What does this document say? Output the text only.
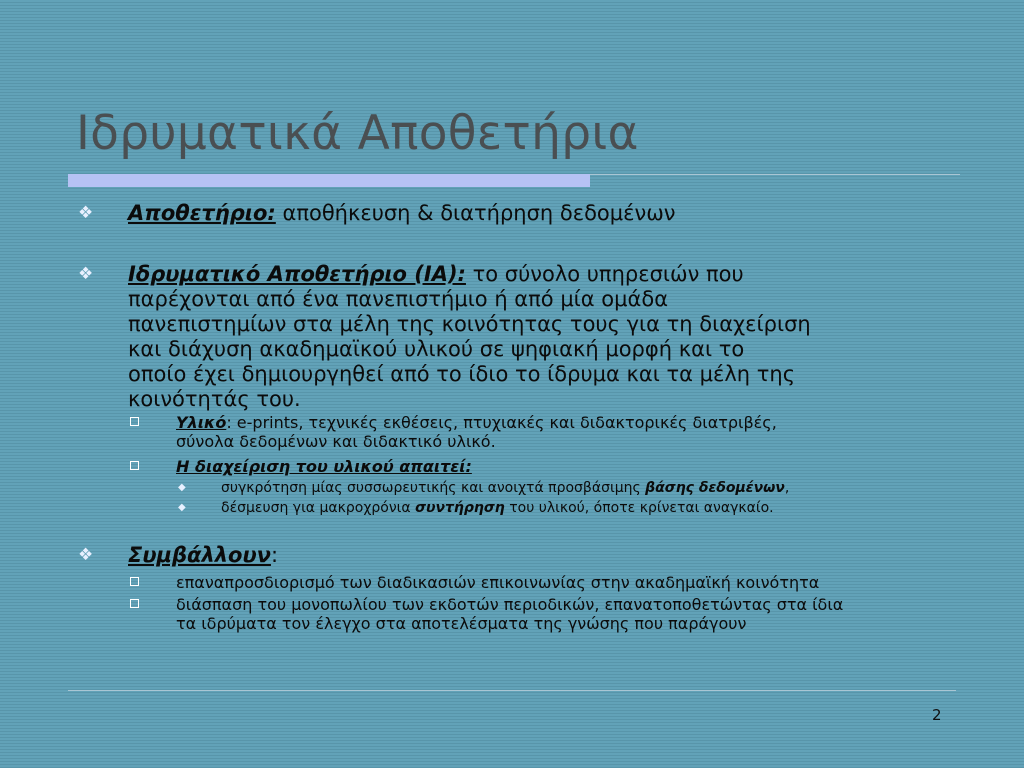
Ιδρυματικά Αποθετήρια
❖ Αποθετήριο: αποθήκευση & διατήρηση δεδομένων
❖ Ιδρυματικό Αποθετήριο (ΙΑ): το σύνολο υπηρεσιών που
παρέχονται από ένα πανεπιστήμιο ή από μία ομάδα
πανεπιστημίων στα μέλη της κοινότητας τους για τη διαχείριση
και διάχυση ακαδημαϊκού υλικού σε ψηφιακή μορφή και το
οποίο έχει δημιουργηθεί από το ίδιο το ίδρυμα και τα μέλη της
κοινότητάς του.
Υλικό: e-prints, τεχνικές εκθέσεις, πτυχιακές και διδακτορικές διατριβές,
σύνολα δεδομένων και διδακτικό υλικό.
Η διαχείριση του υλικού απαιτεί:
◆	συγκρότηση μίας συσσωρευτικής και ανοιχτά προσβάσιμης βάσης δεδομένων,
◆	δέσμευση για μακροχρόνια συντήρηση του υλικού, όποτε κρίνεται αναγκαίο.
❖ Συμβάλλουν:
επαναπροσδιορισμό των διαδικασιών επικοινωνίας στην ακαδημαϊκή κοινότητα
διάσπαση του μονοπωλίου των εκδοτών περιοδικών, επανατοποθετώντας στα ίδια
τα ιδρύματα τον έλεγχο στα αποτελέσματα της γνώσης που παράγουν
2
